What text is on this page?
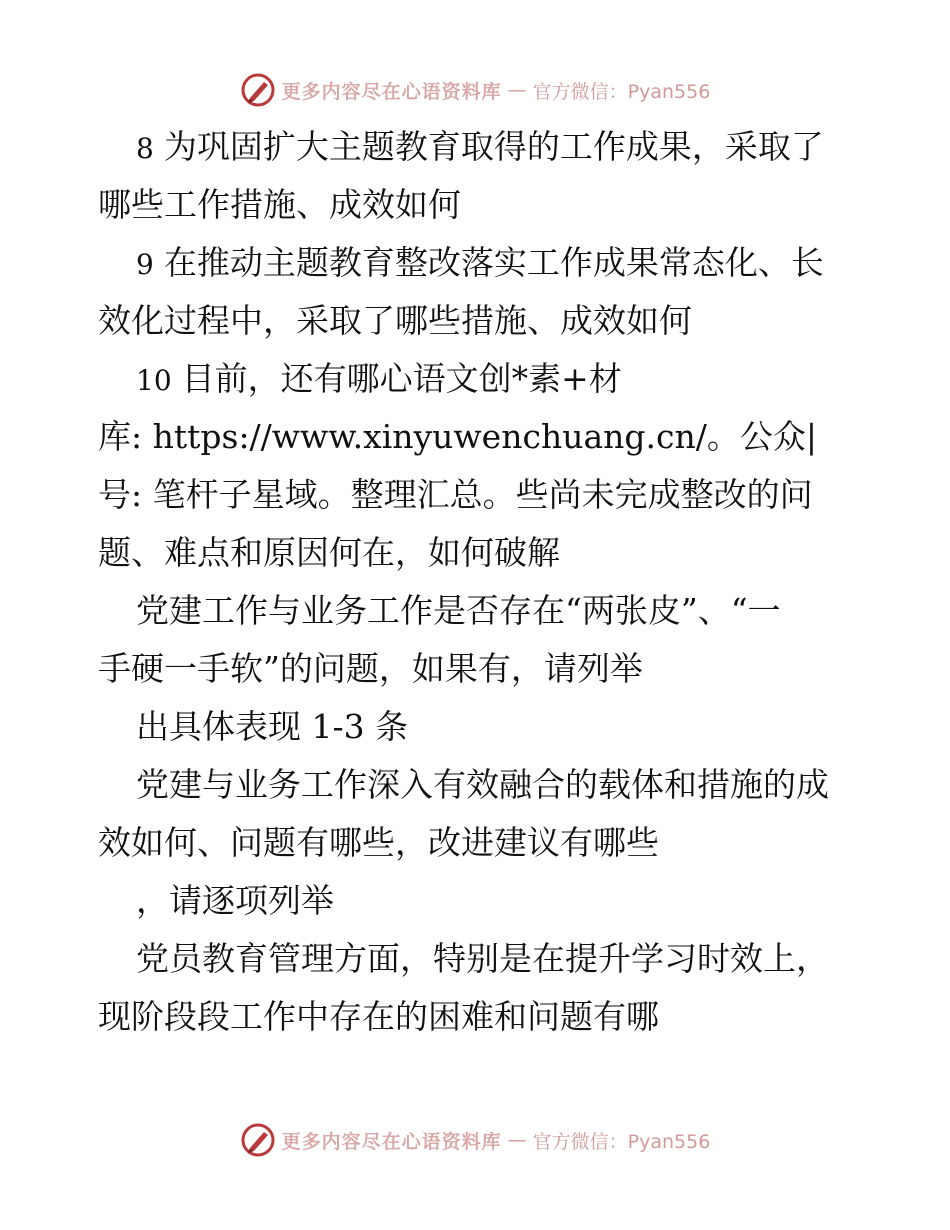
更多内容尽在心语资料库 — 官方微信：Pyan556
8 为巩固扩大主题教育取得的工作成果，采取了
哪些工作措施、成效如何
9 在推动主题教育整改落实工作成果常态化、长
效化过程中，采取了哪些措施、成效如何
10 目前，还有哪心语文创*素+材
库: https://www.xinyuwenchuang.cn/。公众|
号: 笔杆子星域。整理汇总。些尚未完成整改的问
题、难点和原因何在，如何破解
党建工作与业务工作是否存在“两张皮”、“一
手硬一手软”的问题，如果有，请列举
出具体表现 1-3 条
党建与业务工作深入有效融合的载体和措施的成
效如何、问题有哪些，改进建议有哪些
，请逐项列举
党员教育管理方面，特别是在提升学习时效上，
现阶段段工作中存在的困难和问题有哪
更多内容尽在心语资料库 — 官方微信：Pyan556
